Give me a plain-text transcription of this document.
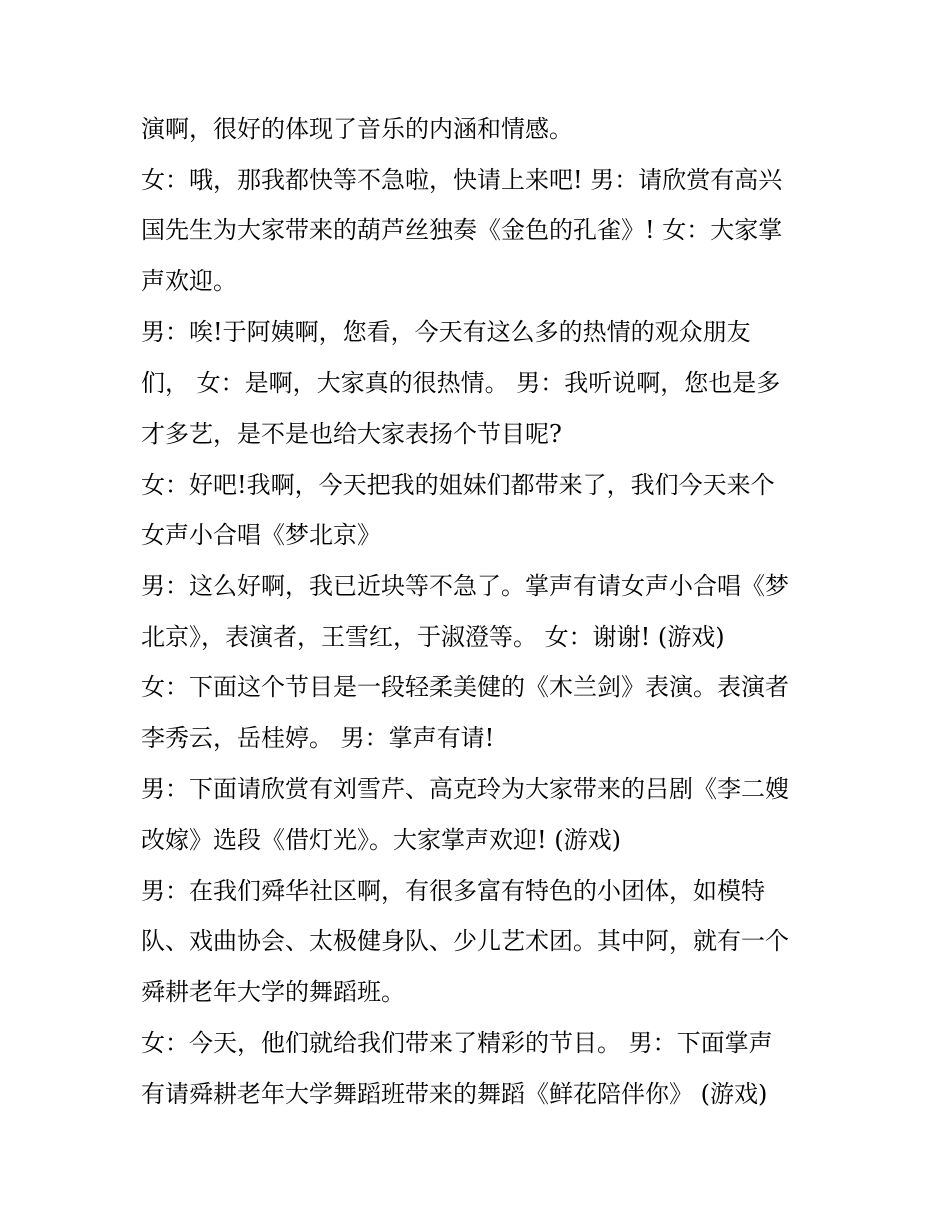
演啊，很好的体现了音乐的内涵和情感。
女：哦，那我都快等不急啦，快请上来吧! 男：请欣赏有高兴
国先生为大家带来的葫芦丝独奏《金色的孔雀》! 女：大家掌
声欢迎。
男：唉!于阿姨啊，您看，今天有这么多的热情的观众朋友
们， 女：是啊，大家真的很热情。 男：我听说啊，您也是多
才多艺，是不是也给大家表扬个节目呢?
女：好吧!我啊，今天把我的姐妹们都带来了，我们今天来个
女声小合唱《梦北京》
男：这么好啊，我已近块等不急了。掌声有请女声小合唱《梦
北京》，表演者，王雪红，于淑澄等。 女：谢谢! (游戏)
女：下面这个节目是一段轻柔美健的《木兰剑》表演。表演者
李秀云，岳桂婷。 男：掌声有请!
男：下面请欣赏有刘雪芹、高克玲为大家带来的吕剧《李二嫂
改嫁》选段《借灯光》。大家掌声欢迎! (游戏)
男：在我们舜华社区啊，有很多富有特色的小团体，如模特
队、戏曲协会、太极健身队、少儿艺术团。其中阿，就有一个
舜耕老年大学的舞蹈班。
女：今天，他们就给我们带来了精彩的节目。 男：下面掌声
有请舜耕老年大学舞蹈班带来的舞蹈《鲜花陪伴你》 (游戏)
